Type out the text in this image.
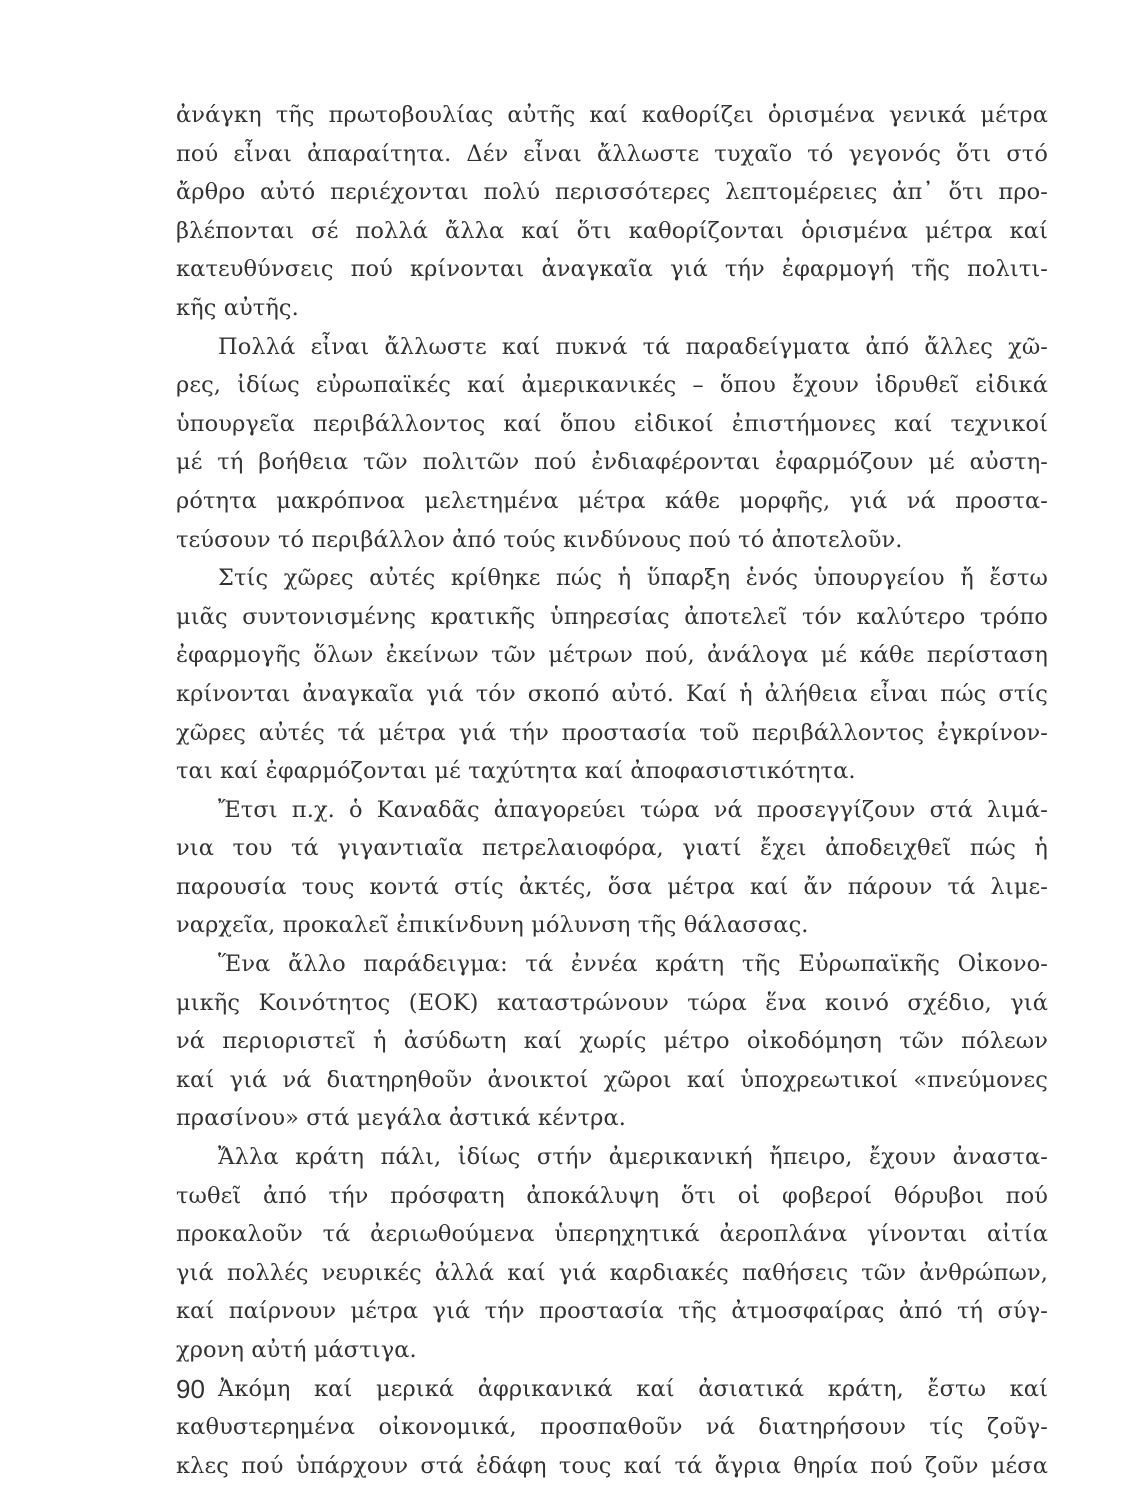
ἀνάγκη τῆς πρωτοβουλίας αὐτῆς καί καθορίζει ὁρισμένα γενικά μέτρα
πού εἶναι ἀπαραίτητα. Δέν εἶναι ἄλλωστε τυχαῖο τό γεγονός ὅτι στό
ἄρθρο αὐτό περιέχονται πολύ περισσότερες λεπτομέρειες ἀπ᾽ ὅτι προ-
βλέπονται σέ πολλά ἄλλα καί ὅτι καθορίζονται ὁρισμένα μέτρα καί
κατευθύνσεις πού κρίνονται ἀναγκαῖα γιά τήν ἐφαρμογή τῆς πολιτι-
κῆς αὐτῆς.
Πολλά εἶναι ἄλλωστε καί πυκνά τά παραδείγματα ἀπό ἄλλες χῶ-
ρες, ἰδίως εὐρωπαϊκές καί ἀμερικανικές – ὅπου ἔχουν ἱδρυθεῖ εἰδικά
ὑπουργεῖα περιβάλλοντος καί ὅπου εἰδικοί ἐπιστήμονες καί τεχνικοί
μέ τή βοήθεια τῶν πολιτῶν πού ἐνδιαφέρονται ἐφαρμόζουν μέ αὐστη-
ρότητα μακρόπνοα μελετημένα μέτρα κάθε μορφῆς, γιά νά προστα-
τεύσουν τό περιβάλλον ἀπό τούς κινδύνους πού τό ἀποτελοῦν.
Στίς χῶρες αὐτές κρίθηκε πώς ἡ ὕπαρξη ἑνός ὑπουργείου ἤ ἔστω
μιᾶς συντονισμένης κρατικῆς ὑπηρεσίας ἀποτελεῖ τόν καλύτερο τρόπο
ἐφαρμογῆς ὅλων ἐκείνων τῶν μέτρων πού, ἀνάλογα μέ κάθε περίσταση
κρίνονται ἀναγκαῖα γιά τόν σκοπό αὐτό. Καί ἡ ἀλήθεια εἶναι πώς στίς
χῶρες αὐτές τά μέτρα γιά τήν προστασία τοῦ περιβάλλοντος ἐγκρίνον-
ται καί ἐφαρμόζονται μέ ταχύτητα καί ἀποφασιστικότητα.
Ἔτσι π.χ. ὁ Καναδᾶς ἀπαγορεύει τώρα νά προσεγγίζουν στά λιμά-
νια του τά γιγαντιαῖα πετρελαιοφόρα, γιατί ἔχει ἀποδειχθεῖ πώς ἡ
παρουσία τους κοντά στίς ἀκτές, ὅσα μέτρα καί ἄν πάρουν τά λιμε-
ναρχεῖα, προκαλεῖ ἐπικίνδυνη μόλυνση τῆς θάλασσας.
Ἕνα ἄλλο παράδειγμα: τά ἐννέα κράτη τῆς Εὐρωπαϊκῆς Οἰκονο-
μικῆς Κοινότητος (ΕΟΚ) καταστρώνουν τώρα ἕνα κοινό σχέδιο, γιά
νά περιοριστεῖ ἡ ἀσύδωτη καί χωρίς μέτρο οἰκοδόμηση τῶν πόλεων
καί γιά νά διατηρηθοῦν ἀνοικτοί χῶροι καί ὑποχρεωτικοί «πνεύμονες
πρασίνου» στά μεγάλα ἀστικά κέντρα.
Ἄλλα κράτη πάλι, ἰδίως στήν ἀμερικανική ἤπειρο, ἔχουν ἀναστα-
τωθεῖ ἀπό τήν πρόσφατη ἀποκάλυψη ὅτι οἱ φοβεροί θόρυβοι πού
προκαλοῦν τά ἀεριωθούμενα ὑπερηχητικά ἀεροπλάνα γίνονται αἰτία
γιά πολλές νευρικές ἀλλά καί γιά καρδιακές παθήσεις τῶν ἀνθρώπων,
καί παίρνουν μέτρα γιά τήν προστασία τῆς ἀτμοσφαίρας ἀπό τή σύγ-
χρονη αὐτή μάστιγα.
Ἀκόμη καί μερικά ἀφρικανικά καί ἀσιατικά κράτη, ἔστω καί
καθυστερημένα οἰκονομικά, προσπαθοῦν νά διατηρήσουν τίς ζοῦγ-
κλες πού ὑπάρχουν στά ἐδάφη τους καί τά ἄγρια θηρία πού ζοῦν μέσα
90
